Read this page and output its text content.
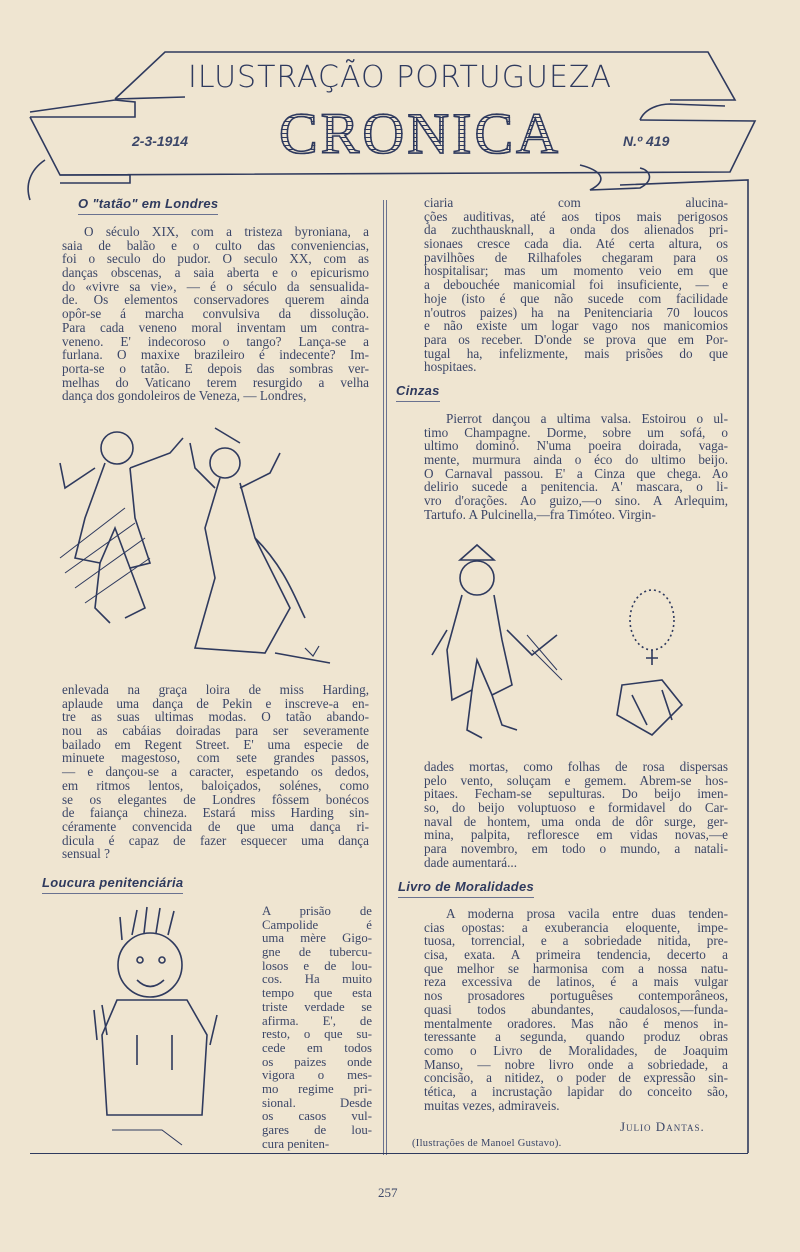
ILUSTRAÇÃO PORTUGUEZA
CRONICA
2-3-1914	N.º 419
O "tatão" em Londres
O século XIX, com a tristeza byroniana, a
saia de balão e o culto das conveniencias,
foi o seculo do pudor. O seculo XX, com as
danças obscenas, a saia aberta e o epicurismo
do «vivre sa vie», — é o século da sensualida-
de. Os elementos conservadores querem ainda
opôr-se á marcha convulsiva da dissolução.
Para cada veneno moral inventam um contra-
veneno. E' indecoroso o tango? Lança-se a
furlana. O maxixe brazileiro é indecente? Im-
porta-se o tatão. E depois das sombras ver-
melhas do Vaticano terem resurgido a velha
dança dos gondoleiros de Veneza, — Londres,
enlevada na graça loira de miss Harding,
aplaude uma dança de Pekin e inscreve-a en-
tre as suas ultimas modas. O tatão abando-
nou as cabáias doiradas para ser severamente
bailado em Regent Street. E' uma especie de
minuete magestoso, com sete grandes passos,
— e dançou-se a caracter, espetando os dedos,
em ritmos lentos, baloiçados, solénes, como
se os elegantes de Londres fôssem bonécos
de faiança chineza. Estará miss Harding sin-
céramente convencida de que uma dança ri-
dicula é capaz de fazer esquecer uma dança
sensual ?
Loucura penitenciária
A prisão de
Campolide é
uma mère Gigo-
gne de tubercu-
losos e de lou-
cos. Ha muito
tempo que esta
triste verdade se
afirma. E', de
resto, o que su-
cede em todos
os paizes onde
vigora o mes-
mo regime pri-
sional. Desde
os casos vul-
gares de lou-
cura peniten-
ciaria com alucina-
ções auditivas, até aos tipos mais perigosos
da zuchthausknall, a onda dos alienados pri-
sionaes cresce cada dia. Até certa altura, os
pavilhões de Rilhafoles chegaram para os
hospitalisar; mas um momento veio em que
a debouchée manicomial foi insuficiente, — e
hoje (isto é que não sucede com facilidade
n'outros paizes) ha na Penitenciaria 70 loucos
e não existe um logar vago nos manicomios
para os receber. D'onde se prova que em Por-
tugal ha, infelizmente, mais prisões do que
hospitaes.
Cinzas
Pierrot dançou a ultima valsa. Estoirou o ul-
timo Champagne. Dorme, sobre um sofá, o
ultimo dominó. N'uma poeira doirada, vaga-
mente, murmura ainda o éco do ultimo beijo.
O Carnaval passou. E' a Cinza que chega. Ao
delirio sucede a penitencia. A' mascara, o li-
vro d'orações. Ao guizo,—o sino. A Arlequim,
Tartufo. A Pulcinella,—fra Timóteo. Virgin-
dades mortas, como folhas de rosa dispersas
pelo vento, soluçam e gemem. Abrem-se hos-
pitaes. Fecham-se sepulturas. Do beijo imen-
so, do beijo voluptuoso e formidavel do Car-
naval de hontem, uma onda de dôr surge, ger-
mina, palpita, refloresce em vidas novas,—e
para novembro, em todo o mundo, a natali-
dade aumentará...
Livro de Moralidades
A moderna prosa vacila entre duas tenden-
cias opostas: a exuberancia eloquente, impe-
tuosa, torrencial, e a sobriedade nitida, pre-
cisa, exata. A primeira tendencia, decerto a
que melhor se harmonisa com a nossa natu-
reza excessiva de latinos, é a mais vulgar
nos prosadores portuguêses contemporâneos,
quasi todos abundantes, caudalosos,—funda-
mentalmente oradores. Mas não é menos in-
teressante a segunda, quando produz obras
como o Livro de Moralidades, de Joaquim
Manso, — nobre livro onde a sobriedade, a
concisão, a nitidez, o poder de expressão sin-
tética, a incrustação lapidar do conceito são,
muitas vezes, admiraveis.
Julio Dantas.
(Ilustrações de Manoel Gustavo).
257
